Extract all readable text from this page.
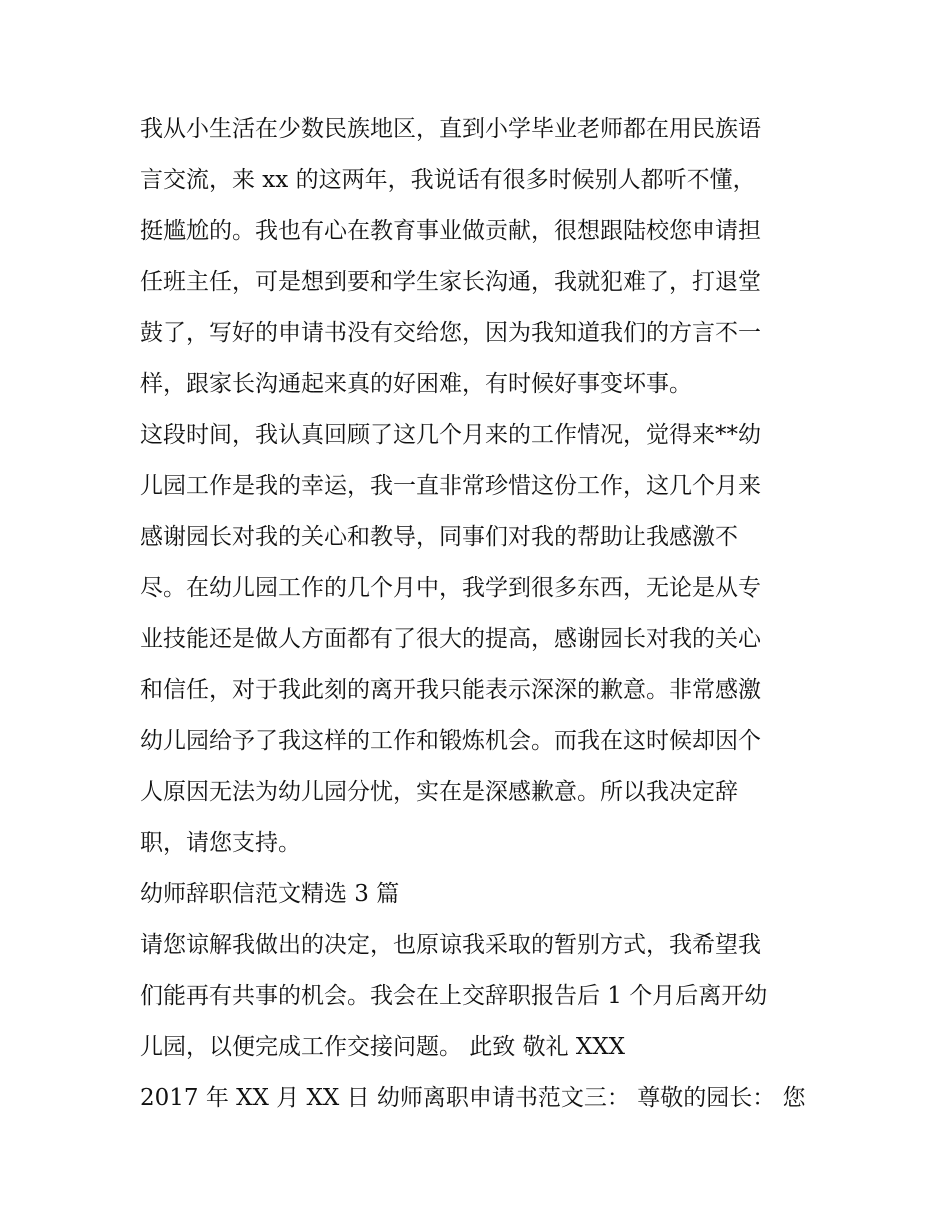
我从小生活在少数民族地区，直到小学毕业老师都在用民族语
言交流，来 xx 的这两年，我说话有很多时候别人都听不懂，
挺尴尬的。我也有心在教育事业做贡献，很想跟陆校您申请担
任班主任，可是想到要和学生家长沟通，我就犯难了，打退堂
鼓了，写好的申请书没有交给您，因为我知道我们的方言不一
样，跟家长沟通起来真的好困难，有时候好事变坏事。
这段时间，我认真回顾了这几个月来的工作情况，觉得来**幼
儿园工作是我的幸运，我一直非常珍惜这份工作，这几个月来
感谢园长对我的关心和教导，同事们对我的帮助让我感激不
尽。在幼儿园工作的几个月中，我学到很多东西，无论是从专
业技能还是做人方面都有了很大的提高，感谢园长对我的关心
和信任，对于我此刻的离开我只能表示深深的歉意。非常感激
幼儿园给予了我这样的工作和锻炼机会。而我在这时候却因个
人原因无法为幼儿园分忧，实在是深感歉意。所以我决定辞
职，请您支持。
幼师辞职信范文精选 3 篇
请您谅解我做出的决定，也原谅我采取的暂别方式，我希望我
们能再有共事的机会。我会在上交辞职报告后 1 个月后离开幼
儿园，以便完成工作交接问题。 此致 敬礼 XXX
2017 年 XX 月 XX 日 幼师离职申请书范文三： 尊敬的园长： 您
